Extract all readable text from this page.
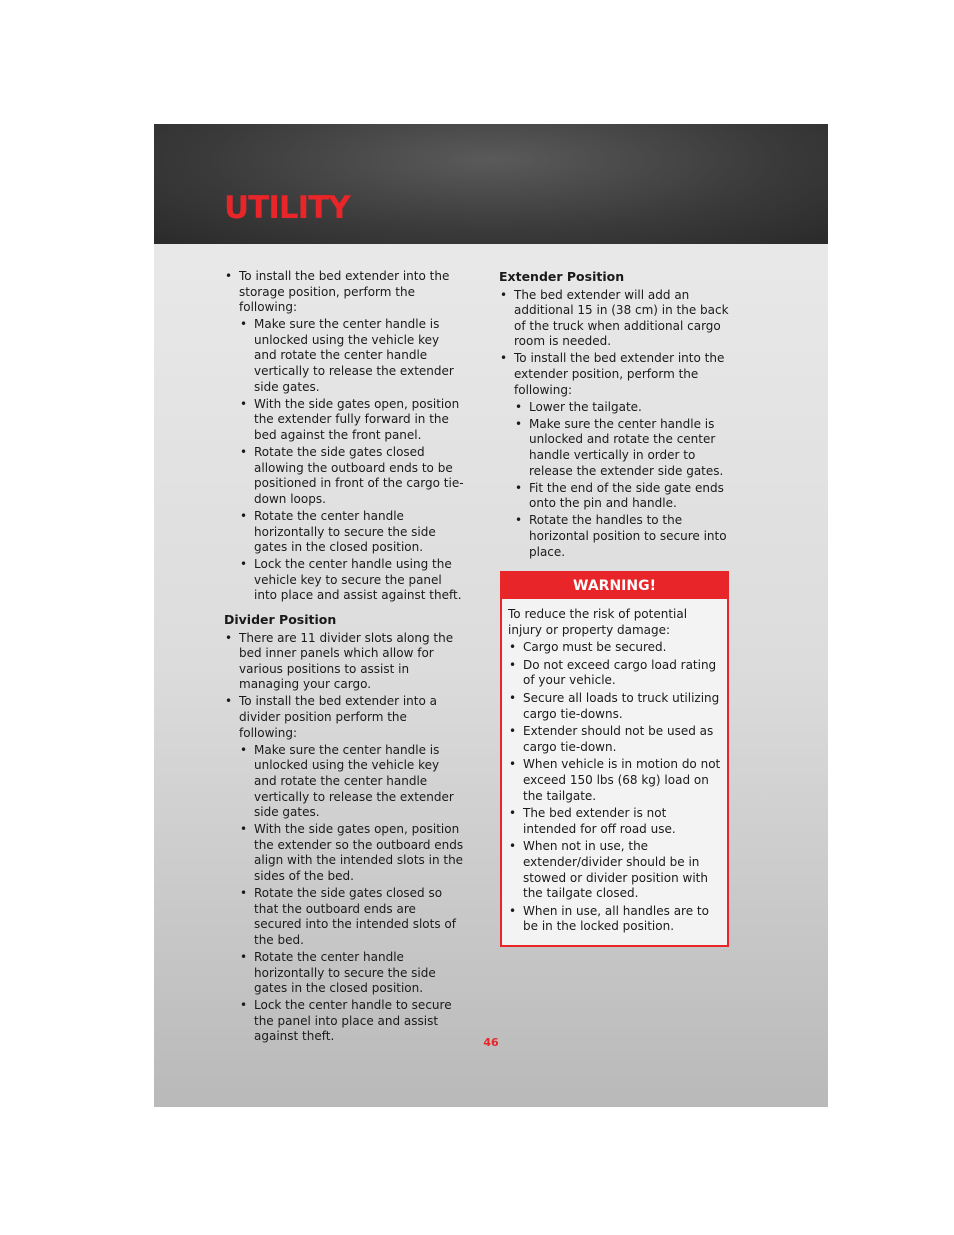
UTILITY
• To install the bed extender into the storage position, perform the following:
• Make sure the center handle is unlocked using the vehicle key and rotate the center handle vertically to release the extender side gates.
• With the side gates open, position the extender fully forward in the bed against the front panel.
• Rotate the side gates closed allowing the outboard ends to be positioned in front of the cargo tie-down loops.
• Rotate the center handle horizontally to secure the side gates in the closed position.
• Lock the center handle using the vehicle key to secure the panel into place and assist against theft.
Divider Position
• There are 11 divider slots along the bed inner panels which allow for various positions to assist in managing your cargo.
• To install the bed extender into a divider position perform the following:
• Make sure the center handle is unlocked using the vehicle key and rotate the center handle vertically to release the extender side gates.
• With the side gates open, position the extender so the outboard ends align with the intended slots in the sides of the bed.
• Rotate the side gates closed so that the outboard ends are secured into the intended slots of the bed.
• Rotate the center handle horizontally to secure the side gates in the closed position.
• Lock the center handle to secure the panel into place and assist against theft.
Extender Position
• The bed extender will add an additional 15 in (38 cm) in the back of the truck when additional cargo room is needed.
• To install the bed extender into the extender position, perform the following:
• Lower the tailgate.
• Make sure the center handle is unlocked and rotate the center handle vertically in order to release the extender side gates.
• Fit the end of the side gate ends onto the pin and handle.
• Rotate the handles to the horizontal position to secure into place.
WARNING!

To reduce the risk of potential injury or property damage:

• Cargo must be secured.
• Do not exceed cargo load rating of your vehicle.
• Secure all loads to truck utilizing cargo tie-downs.
• Extender should not be used as cargo tie-down.
• When vehicle is in motion do not exceed 150 lbs (68 kg) load on the tailgate.
• The bed extender is not intended for off road use.
• When not in use, the extender/divider should be in stowed or divider position with the tailgate closed.
• When in use, all handles are to be in the locked position.
46
